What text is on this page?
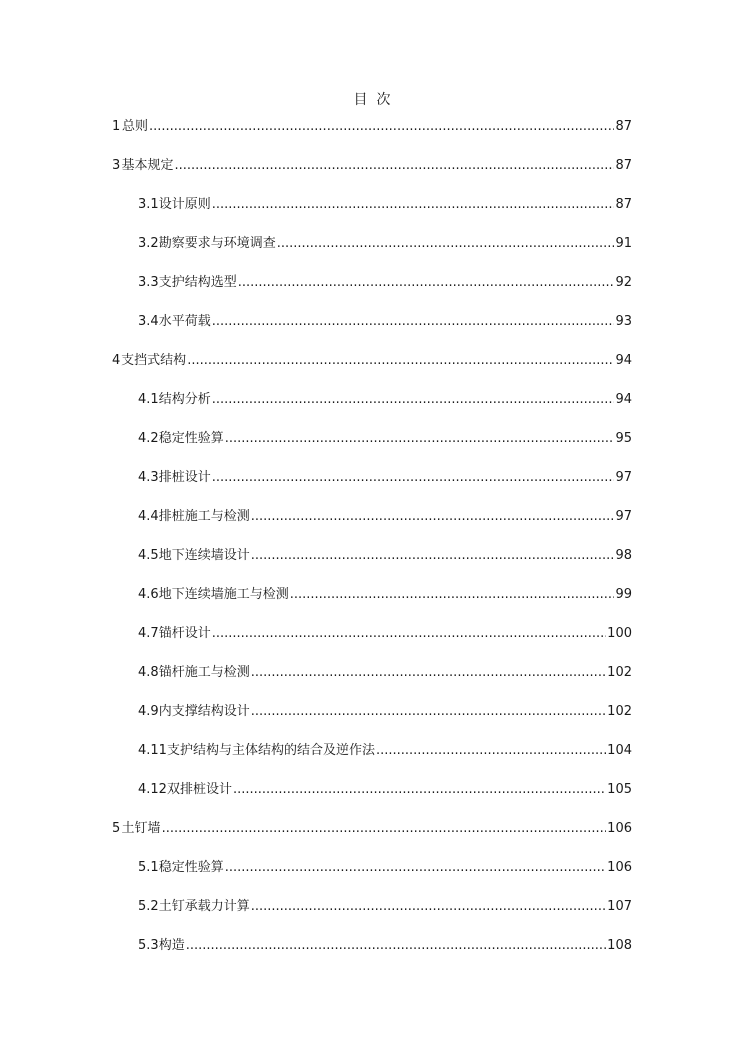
目  次
1 总则 .....	87
3 基本规定 .....	87
3.1 设计原则 .....	87
3.2 勘察要求与环境调查 .....	91
3.3 支护结构选型 .....	92
3.4 水平荷载 .....	93
4 支挡式结构 .....	94
4.1 结构分析 .....	94
4.2 稳定性验算 .....	95
4.3 排桩设计 .....	97
4.4 排桩施工与检测 .....	97
4.5 地下连续墙设计 .....	98
4.6 地下连续墙施工与检测 .....	99
4.7 锚杆设计 .....	100
4.8 锚杆施工与检测 .....	102
4.9 内支撑结构设计 .....	102
4.11 支护结构与主体结构的结合及逆作法 .....	104
4.12 双排桩设计 .....	105
5 土钉墙 .....	106
5.1 稳定性验算 .....	106
5.2 土钉承载力计算 .....	107
5.3 构造 .....	108
